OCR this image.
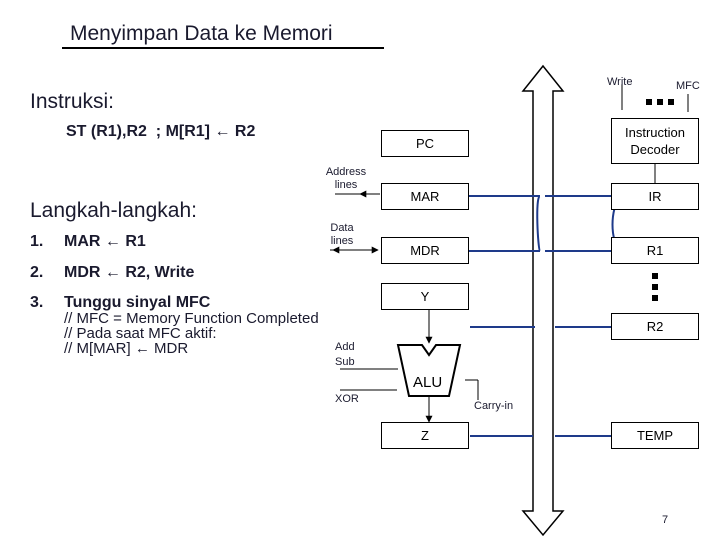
Menyimpan Data ke Memori
Instruksi:
ST (R1),R2  ; M[R1] ← R2
Langkah-langkah:
1. MAR ← R1
2. MDR ← R2, Write
3. Tunggu sinyal MFC
// MFC = Memory Function Completed
// Pada saat MFC aktif:
// M[MAR] ← MDR
Write	MFC
Address
lines
Data
lines
PC
Instruction
Decoder
MAR	IR
MDR	R1
Y
R2
Z	TEMP
ALU
Add
Sub
XOR
Carry-in
7
